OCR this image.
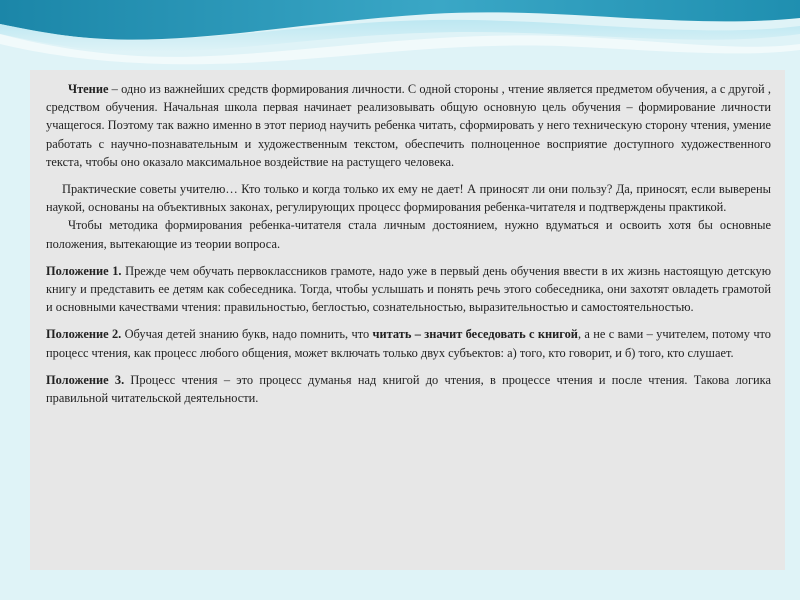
Чтение – одно из важнейших средств формирования личности. С одной стороны , чтение является предметом обучения, а с другой , средством обучения. Начальная школа первая начинает реализовывать общую основную цель обучения – формирование личности учащегося. Поэтому так важно именно в этот период научить ребенка читать, сформировать у него техническую сторону чтения, умение работать с научно-познавательным и художественным текстом, обеспечить полноценное восприятие доступного художественного текста, чтобы оно оказало максимальное воздействие на растущего человека.

Практические советы учителю… Кто только и когда только их ему не дает! А приносят ли они пользу? Да, приносят, если выверены наукой, основаны на объективных законах, регулирующих процесс формирования ребенка-читателя и подтверждены практикой.

Чтобы методика формирования ребенка-читателя стала личным достоянием, нужно вдуматься и освоить хотя бы основные положения, вытекающие из теории вопроса.

Положение 1. Прежде чем обучать первоклассников грамоте, надо уже в первый день обучения ввести в их жизнь настоящую детскую книгу и представить ее детям как собеседника. Тогда, чтобы услышать и понять речь этого собеседника, они захотят овладеть грамотой и основными качествами чтения: правильностью, беглостью, сознательностью, выразительностью и самостоятельностью.

Положение 2. Обучая детей знанию букв, надо помнить, что читать – значит беседовать с книгой, а не с вами – учителем, потому что процесс чтения, как процесс любого общения, может включать только двух субъектов: а) того, кто говорит, и б) того, кто слушает.

Положение 3. Процесс чтения – это процесс думанья над книгой до чтения, в процессе чтения и после чтения. Такова логика правильной читательской деятельности.
